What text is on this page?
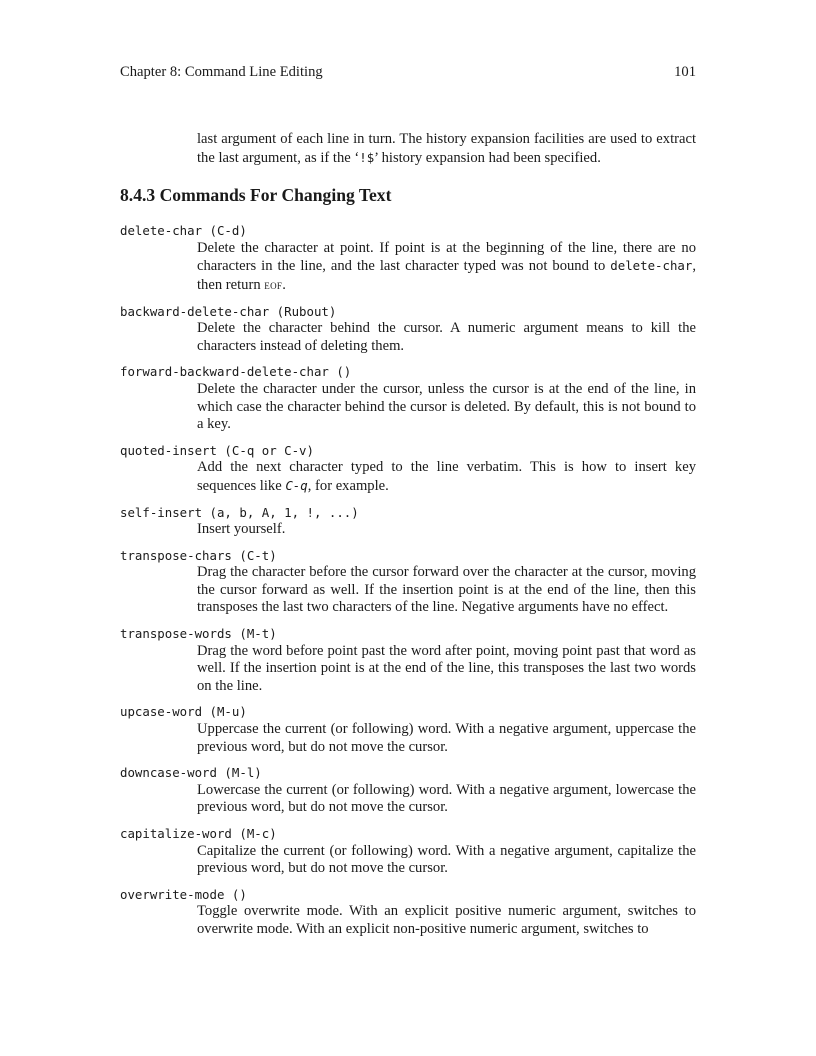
Chapter 8: Command Line Editing	101
last argument of each line in turn. The history expansion facilities are used to extract the last argument, as if the ‘!$’ history expansion had been specified.
8.4.3 Commands For Changing Text
delete-char (C-d)
Delete the character at point. If point is at the beginning of the line, there are no characters in the line, and the last character typed was not bound to delete-char, then return eof.
backward-delete-char (Rubout)
Delete the character behind the cursor. A numeric argument means to kill the characters instead of deleting them.
forward-backward-delete-char ()
Delete the character under the cursor, unless the cursor is at the end of the line, in which case the character behind the cursor is deleted. By default, this is not bound to a key.
quoted-insert (C-q or C-v)
Add the next character typed to the line verbatim. This is how to insert key sequences like C-q, for example.
self-insert (a, b, A, 1, !, ...)
Insert yourself.
transpose-chars (C-t)
Drag the character before the cursor forward over the character at the cursor, moving the cursor forward as well. If the insertion point is at the end of the line, then this transposes the last two characters of the line. Negative arguments have no effect.
transpose-words (M-t)
Drag the word before point past the word after point, moving point past that word as well. If the insertion point is at the end of the line, this transposes the last two words on the line.
upcase-word (M-u)
Uppercase the current (or following) word. With a negative argument, uppercase the previous word, but do not move the cursor.
downcase-word (M-l)
Lowercase the current (or following) word. With a negative argument, lowercase the previous word, but do not move the cursor.
capitalize-word (M-c)
Capitalize the current (or following) word. With a negative argument, capitalize the previous word, but do not move the cursor.
overwrite-mode ()
Toggle overwrite mode. With an explicit positive numeric argument, switches to overwrite mode. With an explicit non-positive numeric argument, switches to
